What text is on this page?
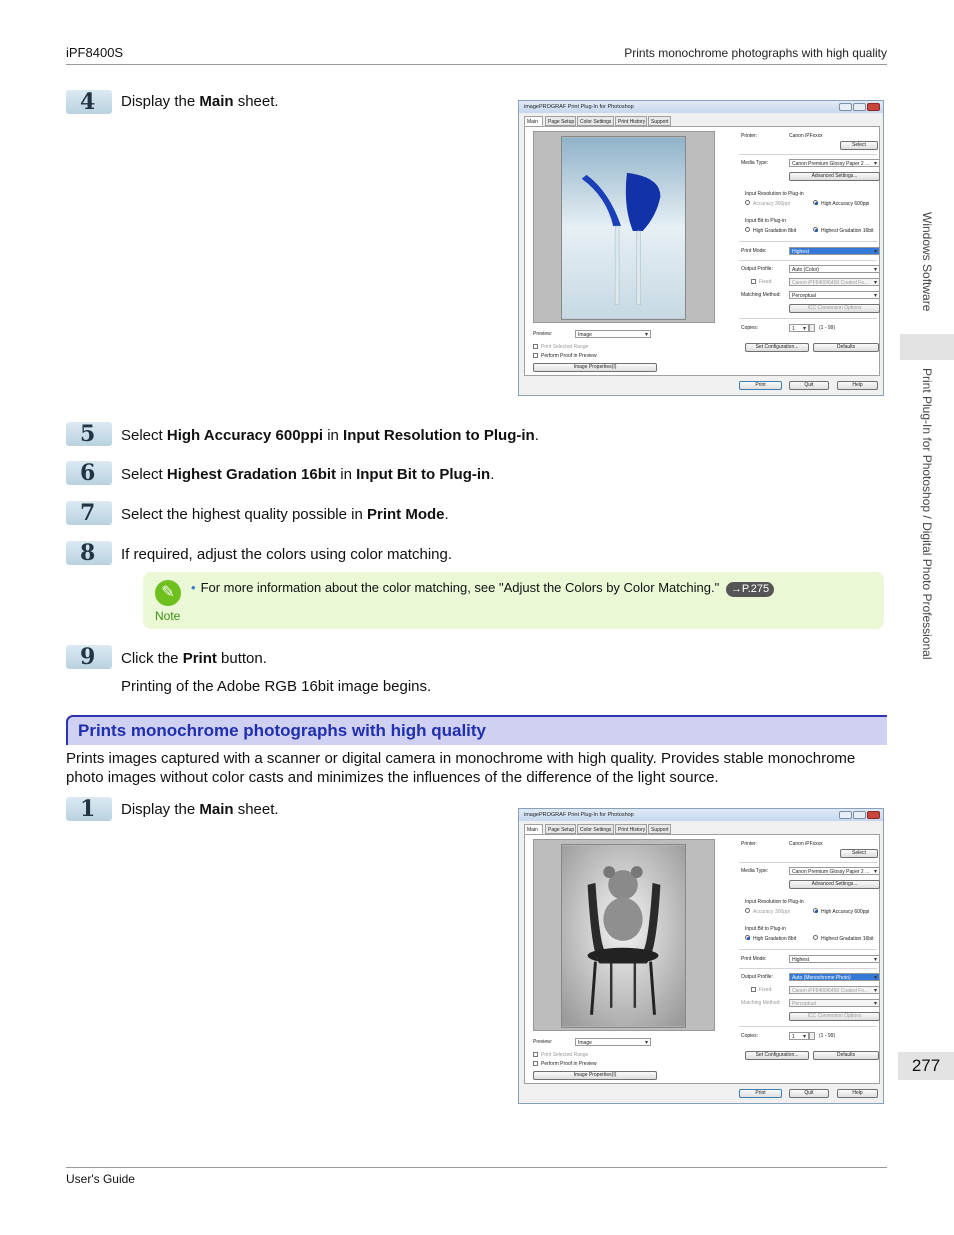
iPF8400S	Prints monochrome photographs with high quality
User's Guide
Windows Software
Print Plug-In for Photoshop / Digital Photo Professional
277
4	Display the Main sheet.	imagePROGRAF Print Plug-In for Photoshop
Main	Page Setup	Color Settings	Print History	Support
Printer:	Canon iPFxxxx
Select
Media Type:	Canon Premium Glossy Paper 2 ... ▾
Advanced Settings...
Input Resolution to Plug-in
Accuracy 300ppi	High Accuracy 600ppi
Input Bit to Plug-in
High Gradation 8bit	Highest Gradation 16bit
Print Mode:	Highest ▾
Output Profile:	Auto (Color) ▾
Fixed:	Canon iPF6400/6450 Coated Fo... ▾
Matching Method:	Perceptual ▾
ICC Conversion Options
Copies:	1 ▾	(1 - 99)
Set Configuration...	Defaults
Preview:	Image ▾
Print Selected Range
Perform Proof in Preview
Image Properties(I)
Print	Quit	Help
5	Select High Accuracy 600ppi in Input Resolution to Plug-in.
6	Select Highest Gradation 16bit in Input Bit to Plug-in.
7	Select the highest quality possible in Print Mode.
8	If required, adjust the colors using color matching.
✎
Note
• For more information about the color matching, see "Adjust the Colors by Color Matching." →P.275
9	Click the Print button.
Printing of the Adobe RGB 16bit image begins.
Prints monochrome photographs with high quality
Prints images captured with a scanner or digital camera in monochrome with high quality. Provides stable monochrome photo images without color casts and minimizes the influences of the difference of the light source.
1	Display the Main sheet.	imagePROGRAF Print Plug-In for Photoshop
Main	Page Setup	Color Settings	Print History	Support
Printer:	Canon iPFxxxx
Select
Media Type:	Canon Premium Glossy Paper 2 ... ▾
Advanced Settings...
Input Resolution to Plug-in
Accuracy 300ppi	High Accuracy 600ppi
Input Bit to Plug-in
High Gradation 8bit	Highest Gradation 16bit
Print Mode:	Highest ▾
Output Profile:	Auto (Monochrome Photo) ▾
Fixed:	Canon iPF6400/6450 Coated Fo... ▾
Matching Method:	Perceptual ▾
ICC Conversion Options
Copies:	1 ▾	(1 - 99)
Set Configuration...	Defaults
Preview:	Image ▾
Print Selected Range
Perform Proof in Preview
Image Properties(I)
Print	Quit	Help
